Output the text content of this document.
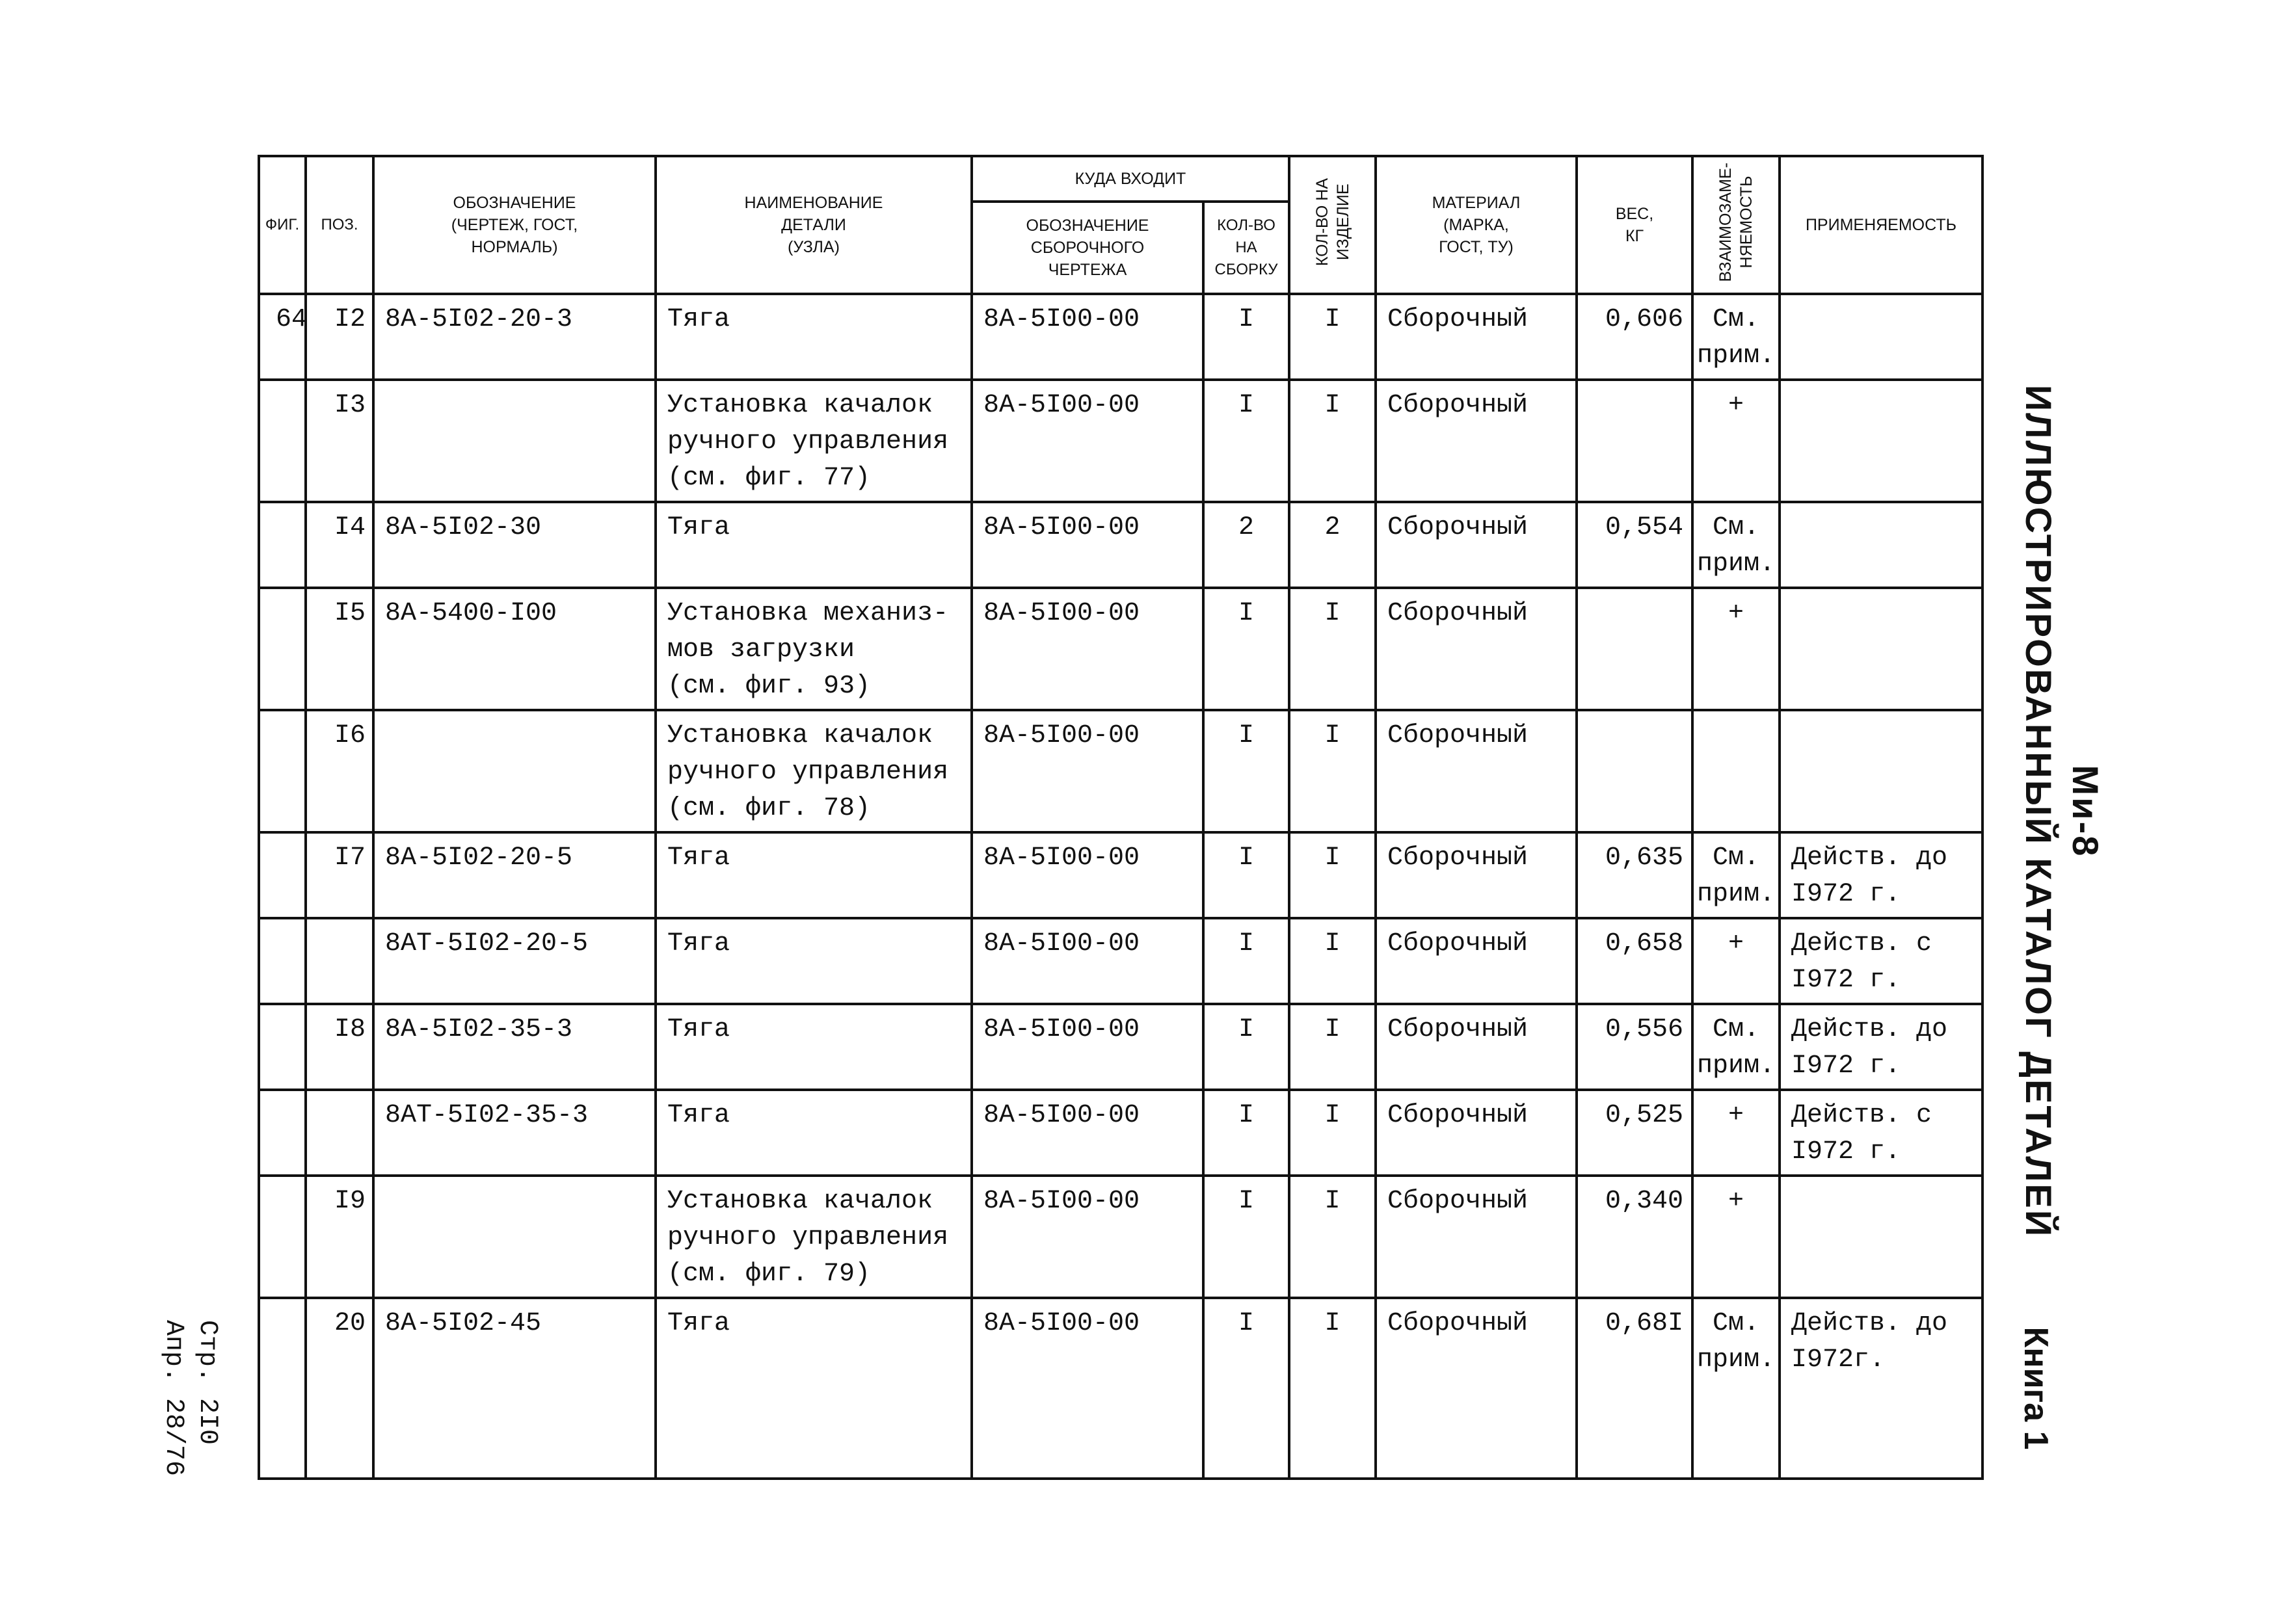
ФИГ.	ПОЗ.	ОБОЗНАЧЕНИЕ
(ЧЕРТЕЖ, ГОСТ,
НОРМАЛЬ)	НАИМЕНОВАНИЕ
ДЕТАЛИ
(УЗЛА)	КУДА ВХОДИТ		КОЛ-ВО НА ИЗДЕЛИЕ	МАТЕРИАЛ
(МАРКА,
ГОСТ, ТУ)	ВЕС,
КГ	ВЗАИМОЗАМЕ- НЯЕМОСТЬ	ПРИМЕНЯЕМОСТЬ
				ОБОЗНАЧЕНИЕ
СБОРОЧНОГО
ЧЕРТЕЖА	КОЛ-ВО
НА
СБОРКУ					
64	I2	8A-5I02-20-3	Тяга	8A-5I00-00	I	I	Сборочный	0,606	См.
прим.	
	I3		Установка качалок
ручного управления
(см. фиг. 77)	8A-5I00-00	I	I	Сборочный		+	
	I4	8A-5I02-30	Тяга	8A-5I00-00	2	2	Сборочный	0,554	См.
прим.	
	I5	8A-5400-I00	Установка механиз-
мов загрузки
(см. фиг. 93)	8A-5I00-00	I	I	Сборочный		+	
	I6		Установка качалок
ручного управления
(см. фиг. 78)	8A-5I00-00	I	I	Сборочный			
	I7	8A-5I02-20-5	Тяга	8A-5I00-00	I	I	Сборочный	0,635	См.
прим.	Действ. до
I972 г.
		8AT-5I02-20-5	Тяга	8A-5I00-00	I	I	Сборочный	0,658	+	Действ. с
I972 г.
	I8	8A-5I02-35-3	Тяга	8A-5I00-00	I	I	Сборочный	0,556	См.
прим.	Действ. до
I972 г.
		8AT-5I02-35-3	Тяга	8A-5I00-00	I	I	Сборочный	0,525	+	Действ. с
I972 г.
	I9		Установка качалок
ручного управления
(см. фиг. 79)	8A-5I00-00	I	I	Сборочный	0,340	+	
	20	8A-5I02-45	Тяга	8A-5I00-00	I	I	Сборочный	0,68I	См.
прим.	Действ. до
I972г.
Ми-8
ИЛЛЮСТРИРОВАННЫЙ КАТАЛОГ ДЕТАЛЕЙ
Книга 1
Стр. 2I0
Апр. 28/76
